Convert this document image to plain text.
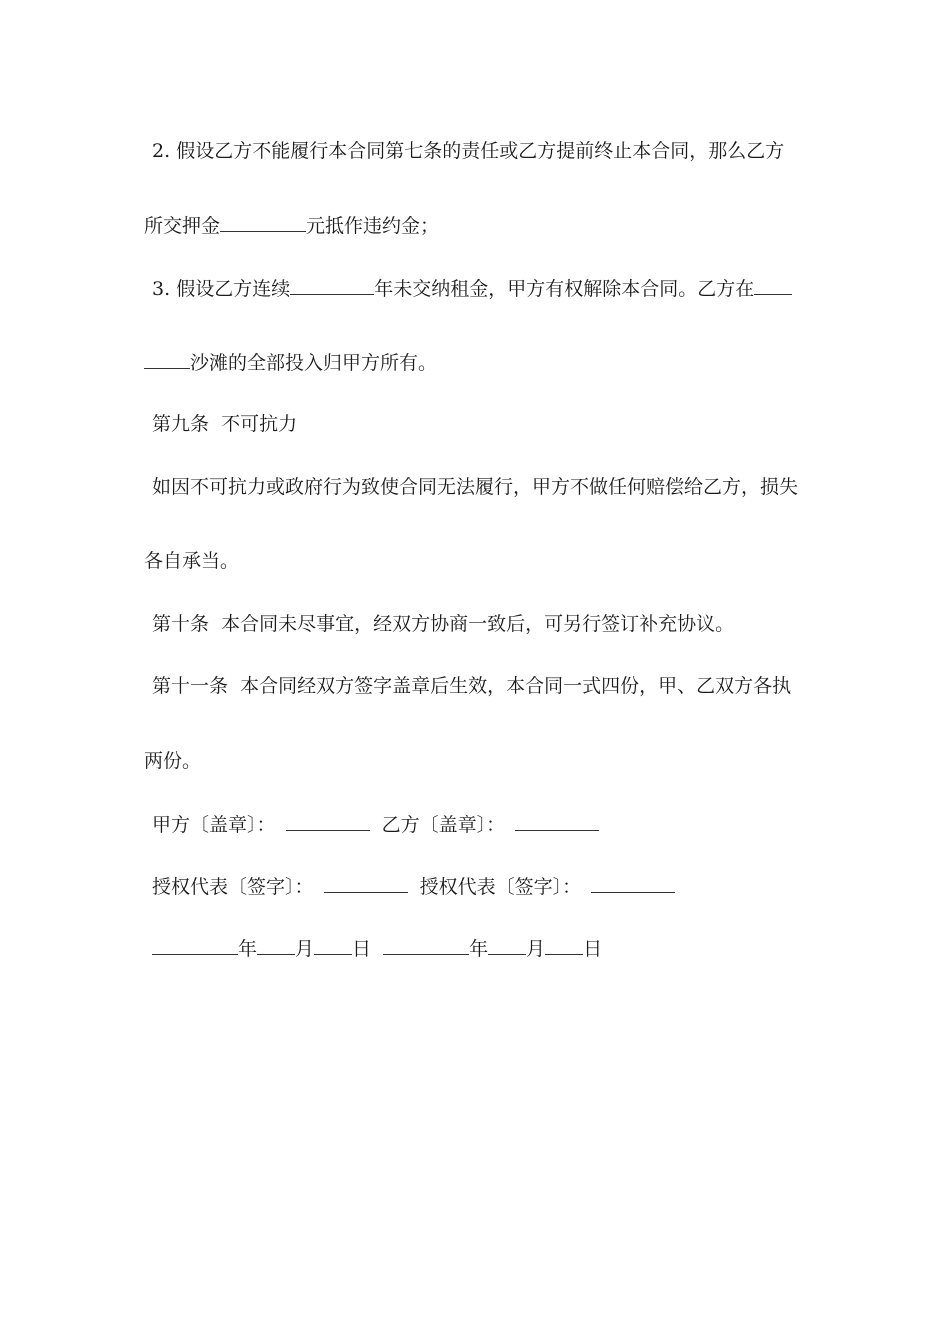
2. 假设乙方不能履行本合同第七条的责任或乙方提前终止本合同，那么乙方
所交押金	元抵作违约金；
3. 假设乙方连续	年未交纳租金，甲方有权解除本合同。乙方在
沙滩的全部投入归甲方所有。
第九条  不可抗力
如因不可抗力或政府行为致使合同无法履行，甲方不做任何赔偿给乙方，损失
各自承当。
第十条  本合同未尽事宜，经双方协商一致后，可另行签订补充协议。
第十一条  本合同经双方签字盖章后生效，本合同一式四份，甲、乙双方各执
两份。
甲方〔盖章〕：	乙方〔盖章〕：
授权代表〔签字〕：	授权代表〔签字〕：
年 月 日	年 月 日
